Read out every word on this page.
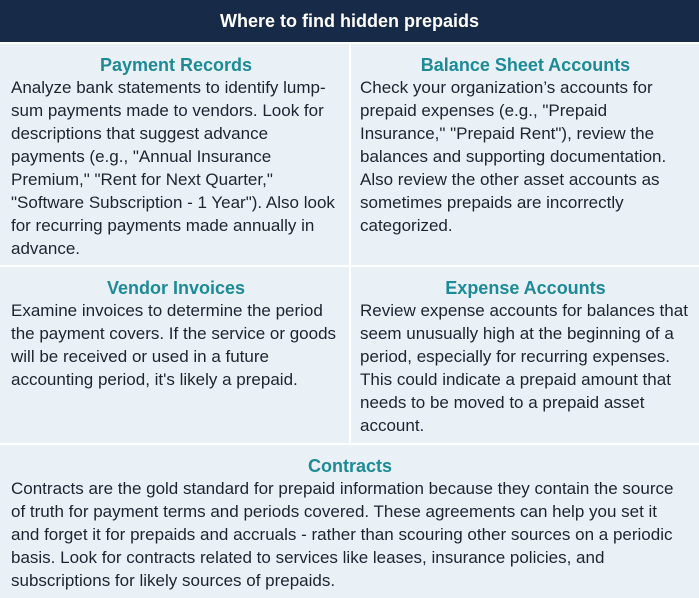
Where to find hidden prepaids
Payment Records

Analyze bank statements to identify lump-sum payments made to vendors. Look for descriptions that suggest advance payments (e.g., "Annual Insurance Premium," "Rent for Next Quarter," "Software Subscription - 1 Year"). Also look for recurring payments made annually in advance.

Balance Sheet Accounts

Check your organization’s accounts for prepaid expenses (e.g., "Prepaid Insurance," "Prepaid Rent"), review the balances and supporting documentation. Also review the other asset accounts as sometimes prepaids are incorrectly categorized.

Vendor Invoices

Examine invoices to determine the period the payment covers. If the service or goods will be received or used in a future accounting period, it's likely a prepaid.

Expense Accounts

Review expense accounts for balances that seem unusually high at the beginning of a period, especially for recurring expenses. This could indicate a prepaid amount that needs to be moved to a prepaid asset account.

Contracts

Contracts are the gold standard for prepaid information because they contain the source of truth for payment terms and periods covered. These agreements can help you set it and forget it for prepaids and accruals - rather than scouring other sources on a periodic basis. Look for contracts related to services like leases, insurance policies, and subscriptions for likely sources of prepaids.
